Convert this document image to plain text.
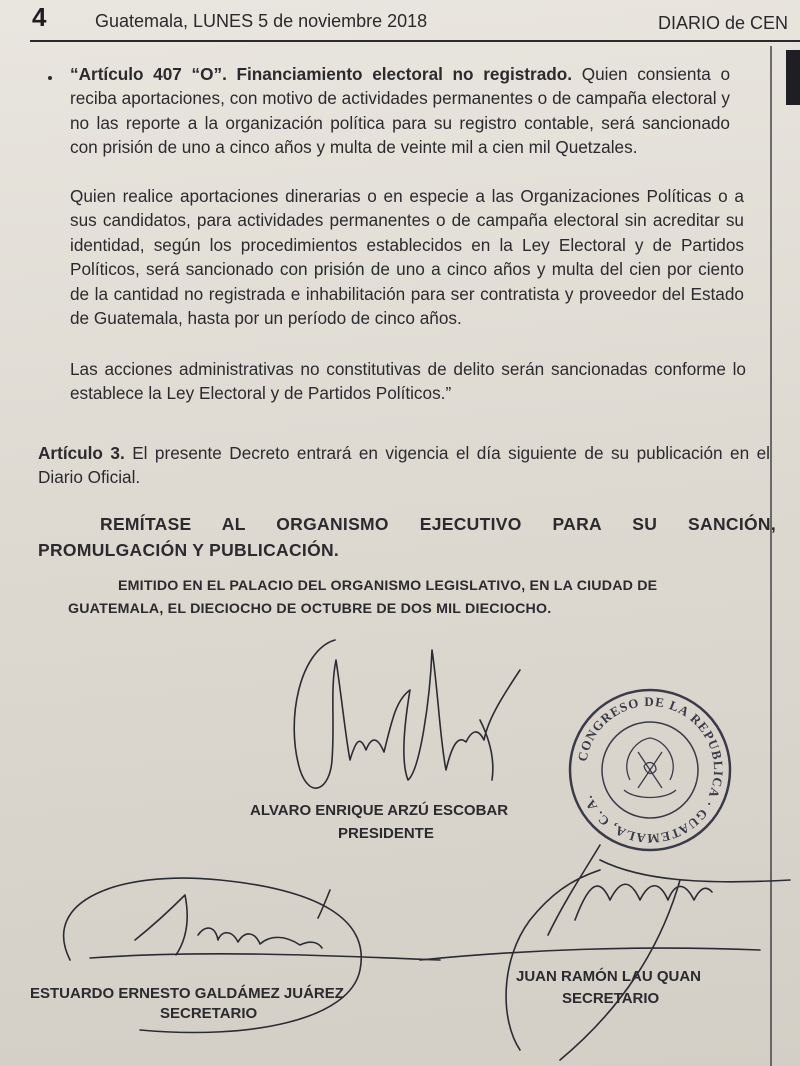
4	Guatemala, LUNES 5 de noviembre 2018	DIARIO de CEN

“Artículo 407 “O”. Financiamiento electoral no registrado. Quien consienta o reciba aportaciones, con motivo de actividades permanentes o de campaña electoral y no las reporte a la organización política para su registro contable, será sancionado con prisión de uno a cinco años y multa de veinte mil a cien mil Quetzales.

Quien realice aportaciones dinerarias o en especie a las Organizaciones Políticas o a sus candidatos, para actividades permanentes o de campaña electoral sin acreditar su identidad, según los procedimientos establecidos en la Ley Electoral y de Partidos Políticos, será sancionado con prisión de uno a cinco años y multa del cien por ciento de la cantidad no registrada e inhabilitación para ser contratista y proveedor del Estado de Guatemala, hasta por un período de cinco años.

Las acciones administrativas no constitutivas de delito serán sancionadas conforme lo establece la Ley Electoral y de Partidos Políticos.”

Artículo 3. El presente Decreto entrará en vigencia el día siguiente de su publicación en el Diario Oficial.

REMÍTASE AL ORGANISMO EJECUTIVO PARA SU SANCIÓN, PROMULGACIÓN Y PUBLICACIÓN.

EMITIDO EN EL PALACIO DEL ORGANISMO LEGISLATIVO, EN LA CIUDAD DE GUATEMALA, EL DIECIOCHO DE OCTUBRE DE DOS MIL DIECIOCHO.

CONGRESO DE LA REPUBLICA · GUATEMALA, C. A.

ALVARO ENRIQUE ARZÚ ESCOBAR

PRESIDENTE

ESTUARDO ERNESTO GALDÁMEZ JUÁREZ

SECRETARIO

JUAN RAMÓN LAU QUAN

SECRETARIO
